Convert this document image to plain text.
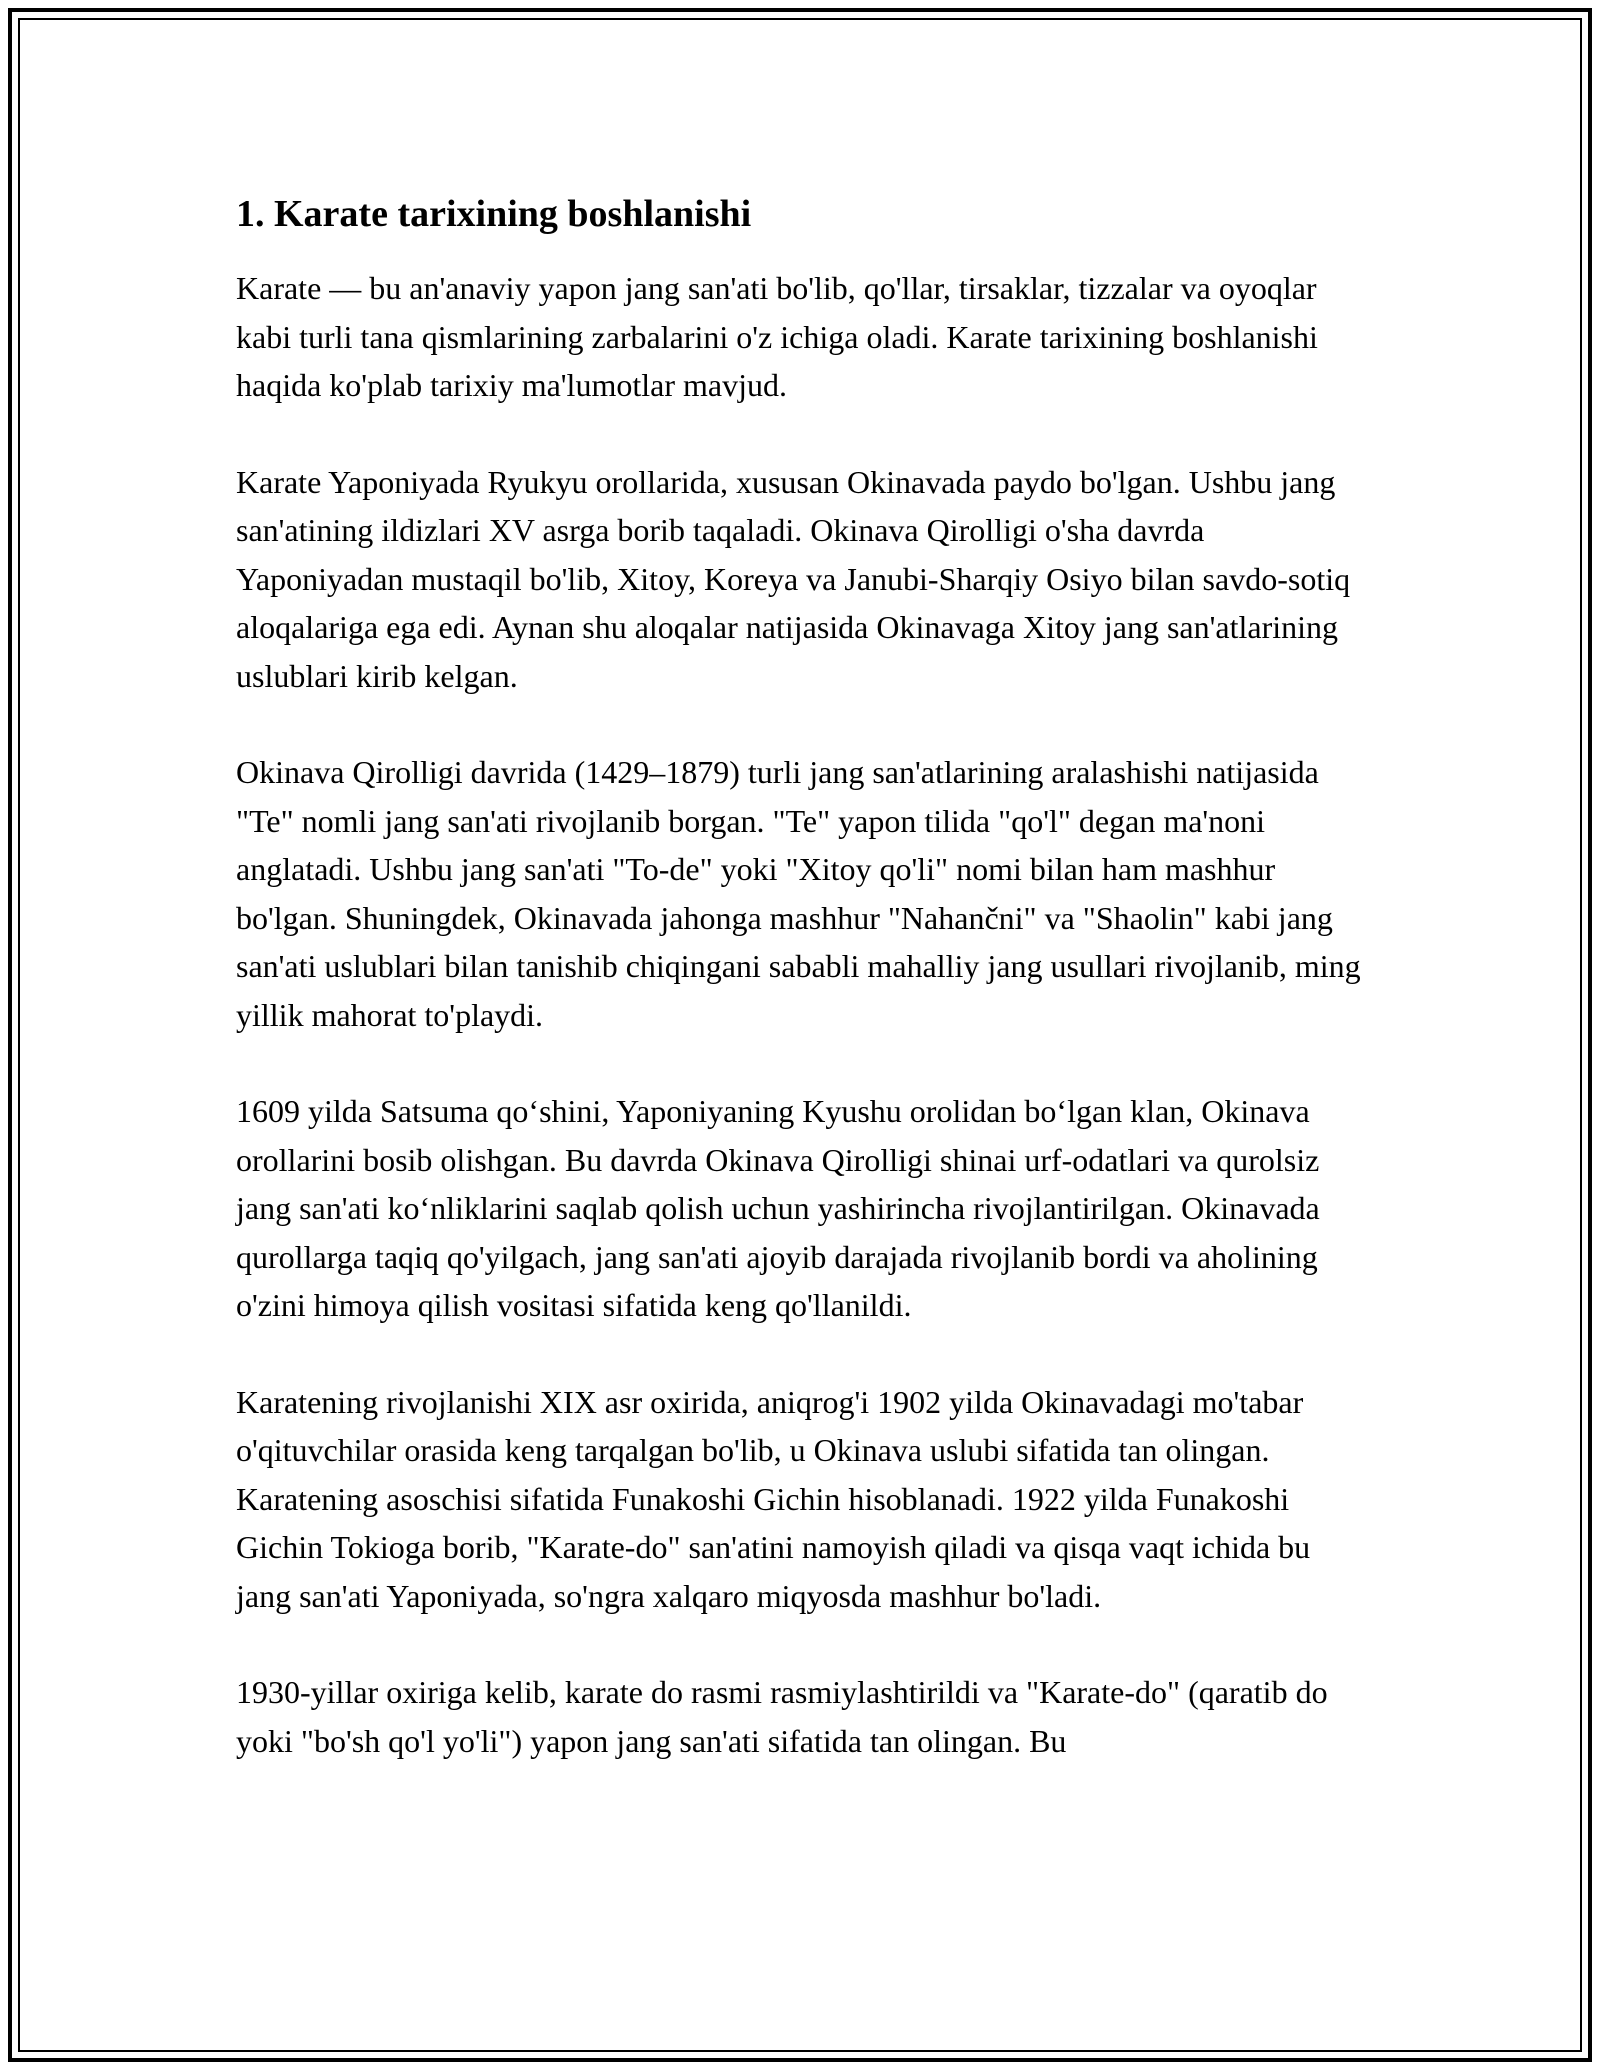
1. Karate tarixining boshlanishi

Karate — bu an'anaviy yapon jang san'ati bo'lib, qo'llar, tirsaklar, tizzalar va oyoqlar kabi turli tana qismlarining zarbalarini o'z ichiga oladi. Karate tarixining boshlanishi haqida ko'plab tarixiy ma'lumotlar mavjud.

Karate Yaponiyada Ryukyu orollarida, xususan Okinavada paydo bo'lgan. Ushbu jang san'atining ildizlari XV asrga borib taqaladi. Okinava Qirolligi o'sha davrda Yaponiyadan mustaqil bo'lib, Xitoy, Koreya va Janubi-Sharqiy Osiyo bilan savdo-sotiq aloqalariga ega edi. Aynan shu aloqalar natijasida Okinavaga Xitoy jang san'atlarining uslublari kirib kelgan.

Okinava Qirolligi davrida (1429–1879) turli jang san'atlarining aralashishi natijasida "Te" nomli jang san'ati rivojlanib borgan. "Te" yapon tilida "qo'l" degan ma'noni anglatadi. Ushbu jang san'ati "To-de" yoki "Xitoy qo'li" nomi bilan ham mashhur bo'lgan. Shuningdek, Okinavada jahonga mashhur "Nahančni" va "Shaolin" kabi jang san'ati uslublari bilan tanishib chiqingani sababli mahalliy jang usullari rivojlanib, ming yillik mahorat to'playdi.

1609 yilda Satsuma qoʻshini, Yaponiyaning Kyushu orolidan boʻlgan klan, Okinava orollarini bosib olishgan. Bu davrda Okinava Qirolligi shinai urf-odatlari va qurolsiz jang san'ati koʻnliklarini saqlab qolish uchun yashirincha rivojlantirilgan. Okinavada qurollarga taqiq qo'yilgach, jang san'ati ajoyib darajada rivojlanib bordi va aholining o'zini himoya qilish vositasi sifatida keng qo'llanildi.

Karatening rivojlanishi XIX asr oxirida, aniqrog'i 1902 yilda Okinavadagi mo'tabar o'qituvchilar orasida keng tarqalgan bo'lib, u Okinava uslubi sifatida tan olingan. Karatening asoschisi sifatida Funakoshi Gichin hisoblanadi. 1922 yilda Funakoshi Gichin Tokioga borib, "Karate-do" san'atini namoyish qiladi va qisqa vaqt ichida bu jang san'ati Yaponiyada, so'ngra xalqaro miqyosda mashhur bo'ladi.

1930-yillar oxiriga kelib, karate do rasmi rasmiylashtirildi va "Karate-do" (qaratib do yoki "bo'sh qo'l yo'li") yapon jang san'ati sifatida tan olingan. Bu
